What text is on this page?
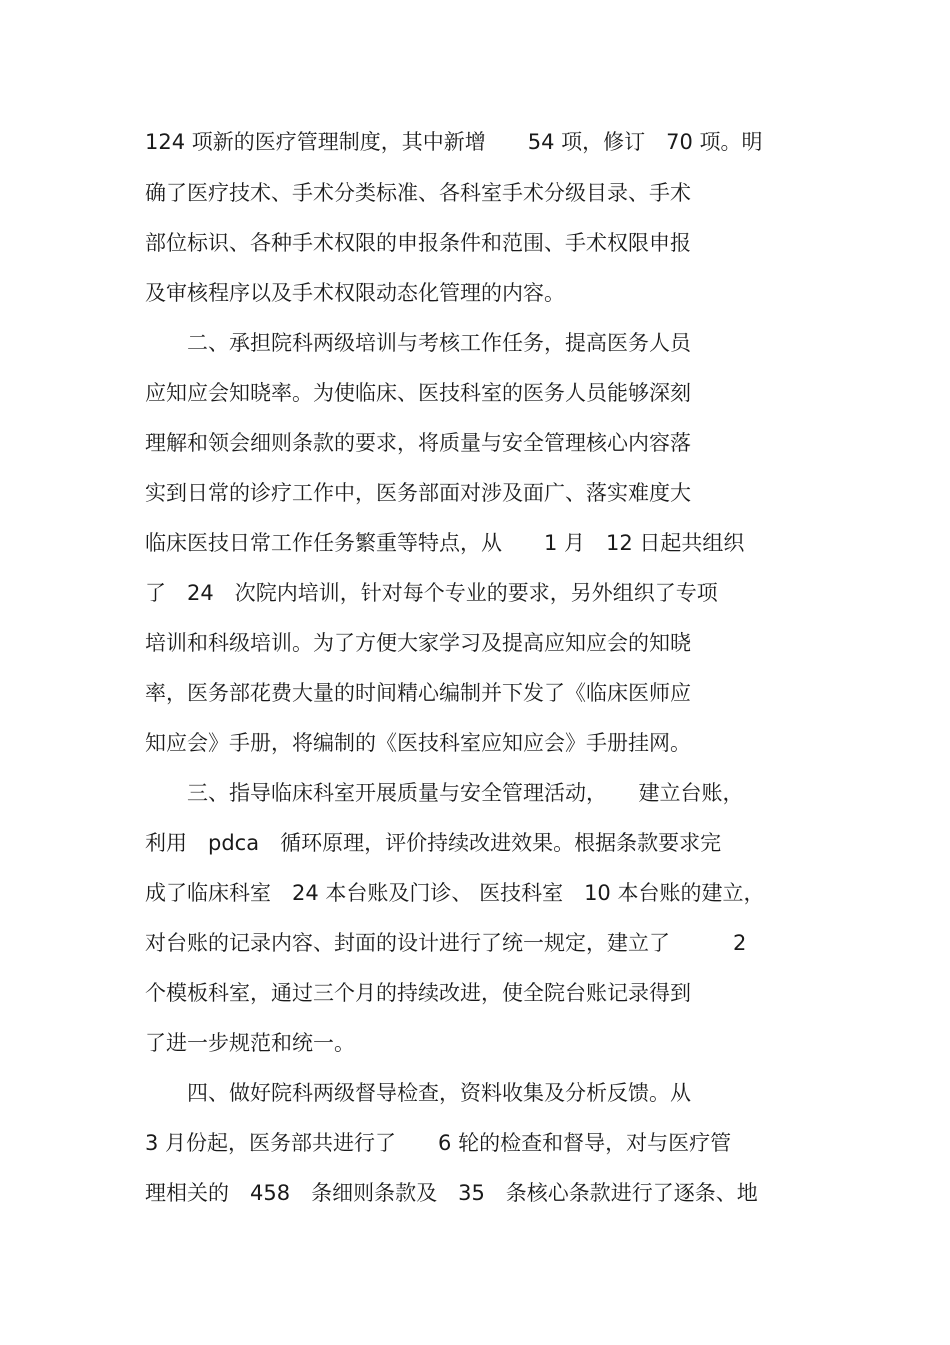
124 项新的医疗管理制度，其中新增　　54 项，修订　70 项。明
确了医疗技术、手术分类标准、各科室手术分级目录、手术
部位标识、各种手术权限的申报条件和范围、手术权限申报
及审核程序以及手术权限动态化管理的内容。
　　二、承担院科两级培训与考核工作任务，提高医务人员
应知应会知晓率。为使临床、医技科室的医务人员能够深刻
理解和领会细则条款的要求，将质量与安全管理核心内容落
实到日常的诊疗工作中，医务部面对涉及面广、落实难度大
临床医技日常工作任务繁重等特点，从　　1 月　12 日起共组织
了　24　次院内培训，针对每个专业的要求，另外组织了专项
培训和科级培训。为了方便大家学习及提高应知应会的知晓
率，医务部花费大量的时间精心编制并下发了《临床医师应
知应会》手册，将编制的《医技科室应知应会》手册挂网。
　　三、指导临床科室开展质量与安全管理活动，　　建立台账，
利用　pdca　循环原理，评价持续改进效果。根据条款要求完
成了临床科室　24 本台账及门诊、 医技科室　10 本台账的建立，
对台账的记录内容、封面的设计进行了统一规定，建立了　　　2
个模板科室，通过三个月的持续改进，使全院台账记录得到
了进一步规范和统一。
　　四、做好院科两级督导检查，资料收集及分析反馈。从
3 月份起，医务部共进行了　　6 轮的检查和督导，对与医疗管
理相关的　458　条细则条款及　35　条核心条款进行了逐条、地
